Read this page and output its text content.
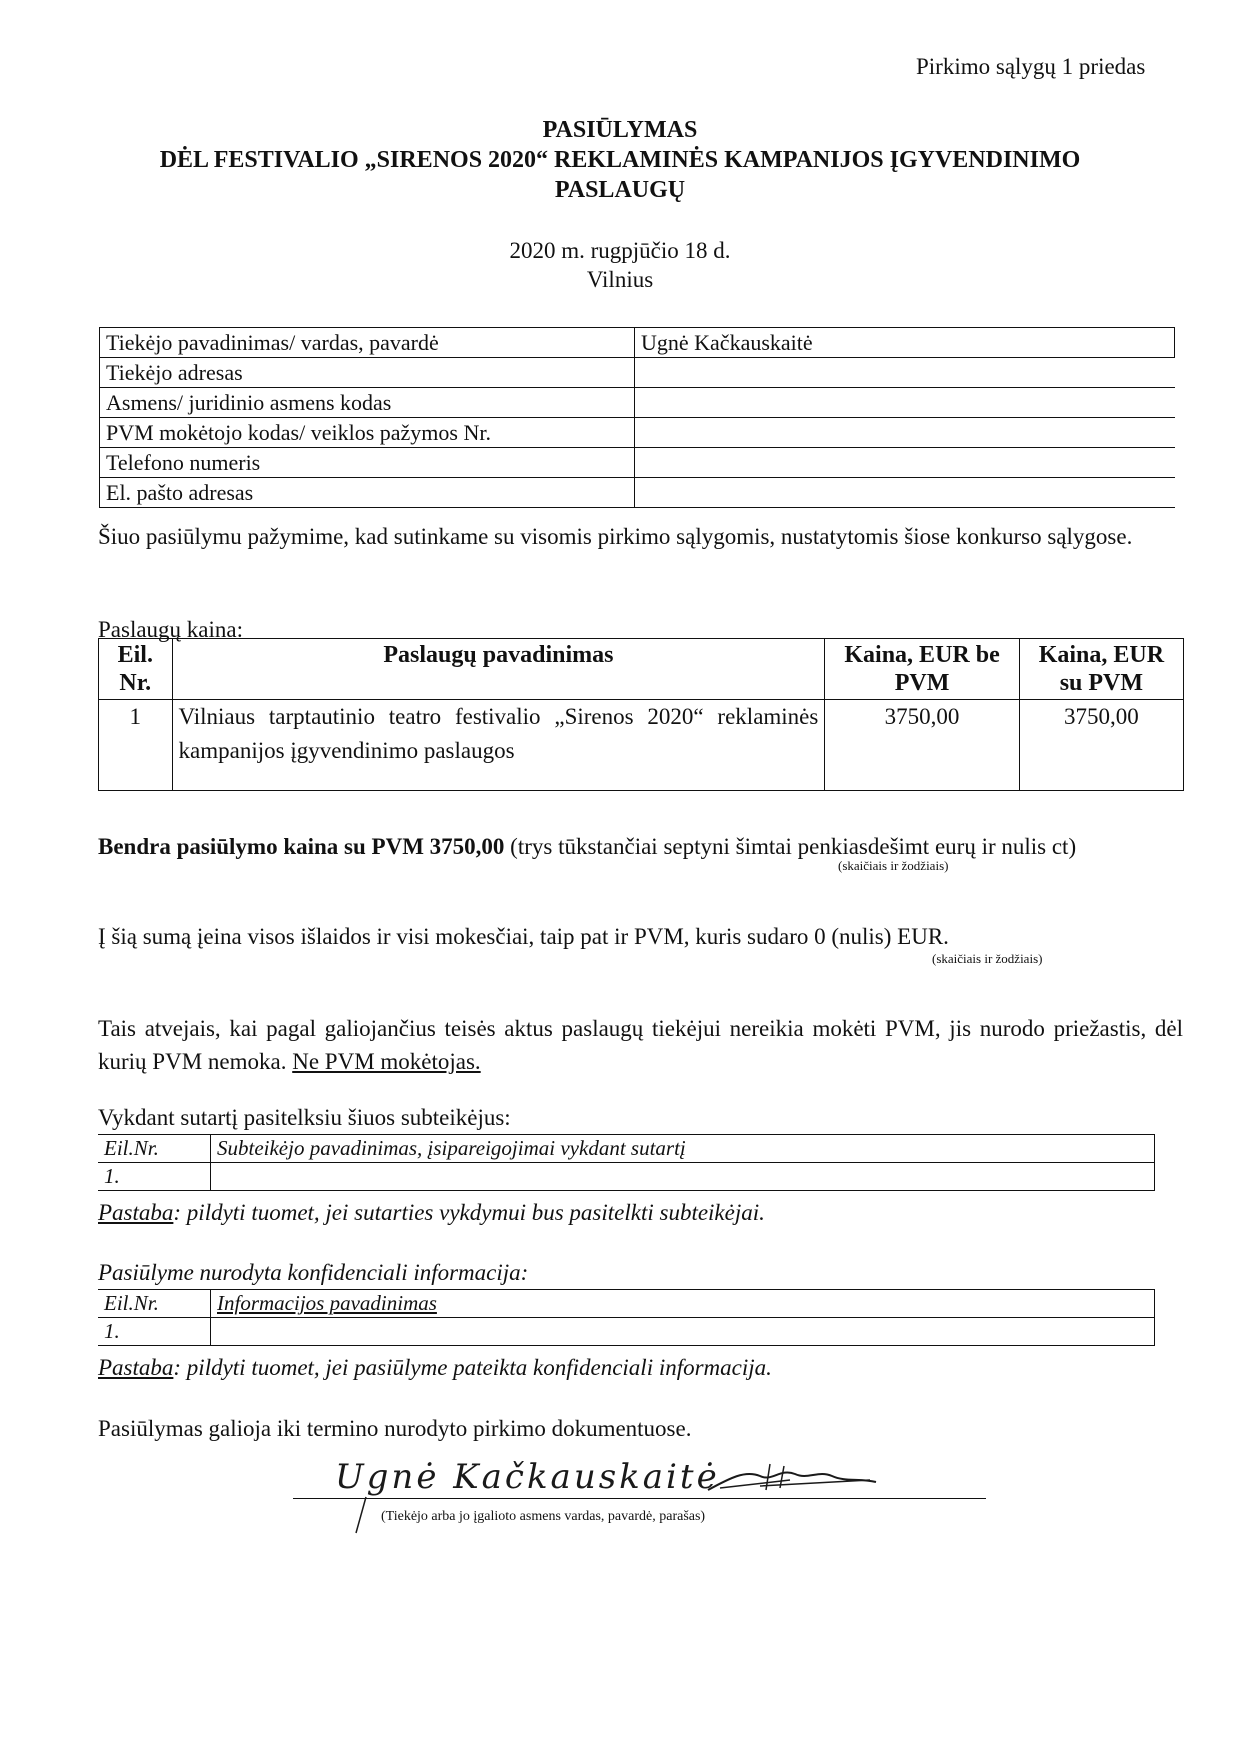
Pirkimo sąlygų 1 priedas
PASIŪLYMAS
DĖL FESTIVALIO „SIRENOS 2020“ REKLAMINĖS KAMPANIJOS ĮGYVENDINIMO
PASLAUGŲ
2020 m. rugpjūčio 18 d.
Vilnius
Tiekėjo pavadinimas/ vardas, pavardė	Ugnė Kačkauskaitė
Tiekėjo adresas	
Asmens/ juridinio asmens kodas	
PVM mokėtojo kodas/ veiklos pažymos Nr.	
Telefono numeris	
El. pašto adresas	
Šiuo pasiūlymu pažymime, kad sutinkame su visomis pirkimo sąlygomis, nustatytomis šiose konkurso sąlygose.
Paslaugų kaina:
Eil. Nr.	Paslaugų pavadinimas	Kaina, EUR be PVM	Kaina, EUR su PVM
1	Vilniaus tarptautinio teatro festivalio „Sirenos 2020“ reklaminės kampanijos įgyvendinimo paslaugos	3750,00	3750,00
Bendra pasiūlymo kaina su PVM 3750,00 (trys tūkstančiai septyni šimtai penkiasdešimt eurų ir nulis ct)
(skaičiais ir žodžiais)
Į šią sumą įeina visos išlaidos ir visi mokesčiai, taip pat ir PVM, kuris sudaro 0 (nulis) EUR.
(skaičiais ir žodžiais)
Tais atvejais, kai pagal galiojančius teisės aktus paslaugų tiekėjui nereikia mokėti PVM, jis nurodo priežastis, dėl kurių PVM nemoka. Ne PVM mokėtojas.
Vykdant sutartį pasitelksiu šiuos subteikėjus:
Eil.Nr.	Subteikėjo pavadinimas, įsipareigojimai vykdant sutartį
1.	
Pastaba: pildyti tuomet, jei sutarties vykdymui bus pasitelkti subteikėjai.
Pasiūlyme nurodyta konfidenciali informacija:
Eil.Nr.	Informacijos pavadinimas
1.	
Pastaba: pildyti tuomet, jei pasiūlyme pateikta konfidenciali informacija.
Pasiūlymas galioja iki termino nurodyto pirkimo dokumentuose.
Ugnė Kačkauskaitė
(Tiekėjo arba jo įgalioto asmens vardas, pavardė, parašas)
